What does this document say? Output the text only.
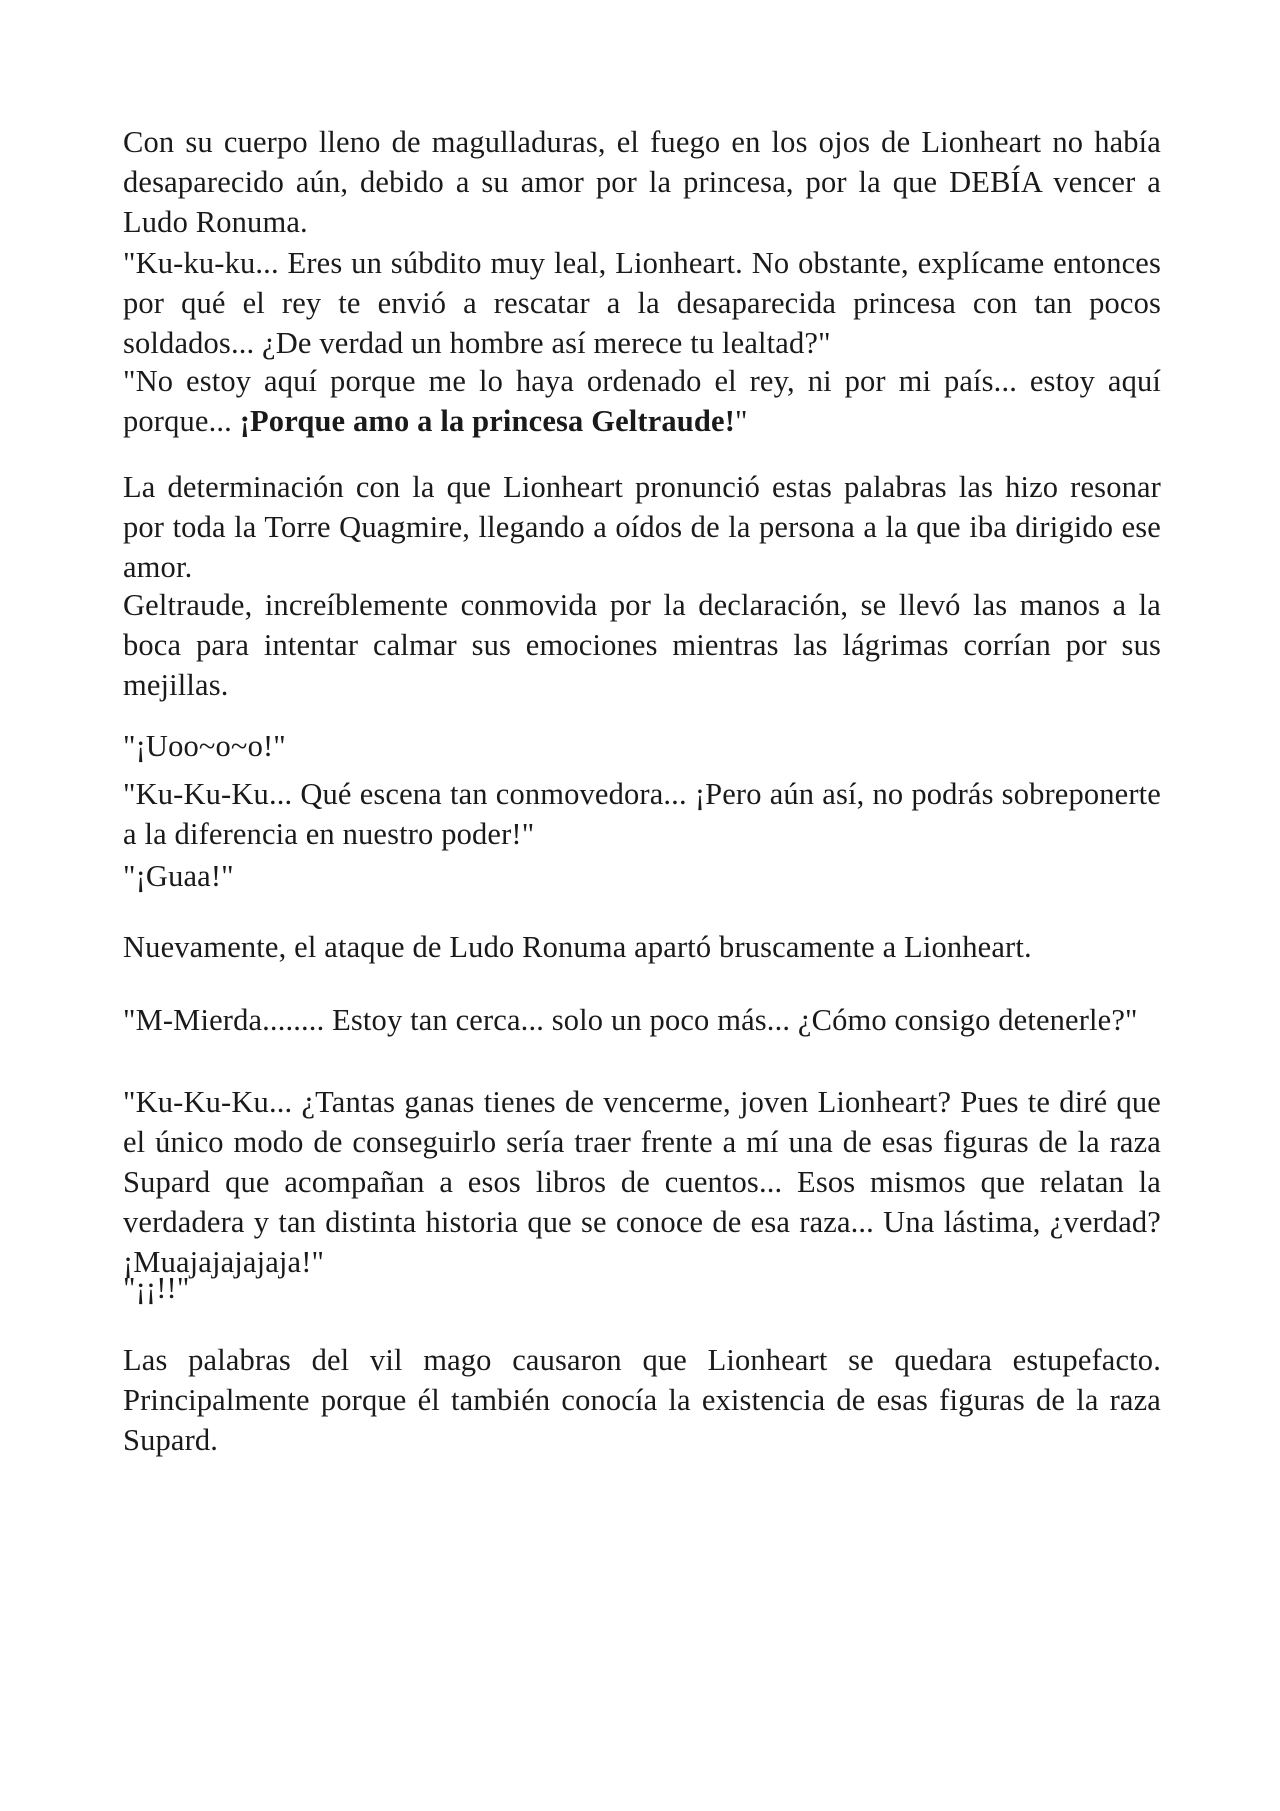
Con su cuerpo lleno de magulladuras, el fuego en los ojos de Lionheart no había desaparecido aún, debido a su amor por la princesa, por la que DEBÍA vencer a Ludo Ronuma.

"Ku-ku-ku... Eres un súbdito muy leal, Lionheart. No obstante, explícame entonces por qué el rey te envió a rescatar a la desaparecida princesa con tan pocos soldados... ¿De verdad un hombre así merece tu lealtad?"

"No estoy aquí porque me lo haya ordenado el rey, ni por mi país... estoy aquí porque... ¡Porque amo a la princesa Geltraude!"

La determinación con la que Lionheart pronunció estas palabras las hizo resonar por toda la Torre Quagmire, llegando a oídos de la persona a la que iba dirigido ese amor.

Geltraude, increíblemente conmovida por la declaración, se llevó las manos a la boca para intentar calmar sus emociones mientras las lágrimas corrían por sus mejillas.

"¡Uoo~o~o!"

"Ku-Ku-Ku... Qué escena tan conmovedora... ¡Pero aún así, no podrás sobreponerte a la diferencia en nuestro poder!"

"¡Guaa!"

Nuevamente, el ataque de Ludo Ronuma apartó bruscamente a Lionheart.

"M-Mierda........ Estoy tan cerca... solo un poco más... ¿Cómo consigo detenerle?"

"Ku-Ku-Ku... ¿Tantas ganas tienes de vencerme, joven Lionheart? Pues te diré que el único modo de conseguirlo sería traer frente a mí una de esas figuras de la raza Supard que acompañan a esos libros de cuentos... Esos mismos que relatan la verdadera y tan distinta historia que se conoce de esa raza... Una lástima, ¿verdad? ¡Muajajajajaja!"

"¡¡!!"

Las palabras del vil mago causaron que Lionheart se quedara estupefacto. Principalmente porque él también conocía la existencia de esas figuras de la raza Supard.
